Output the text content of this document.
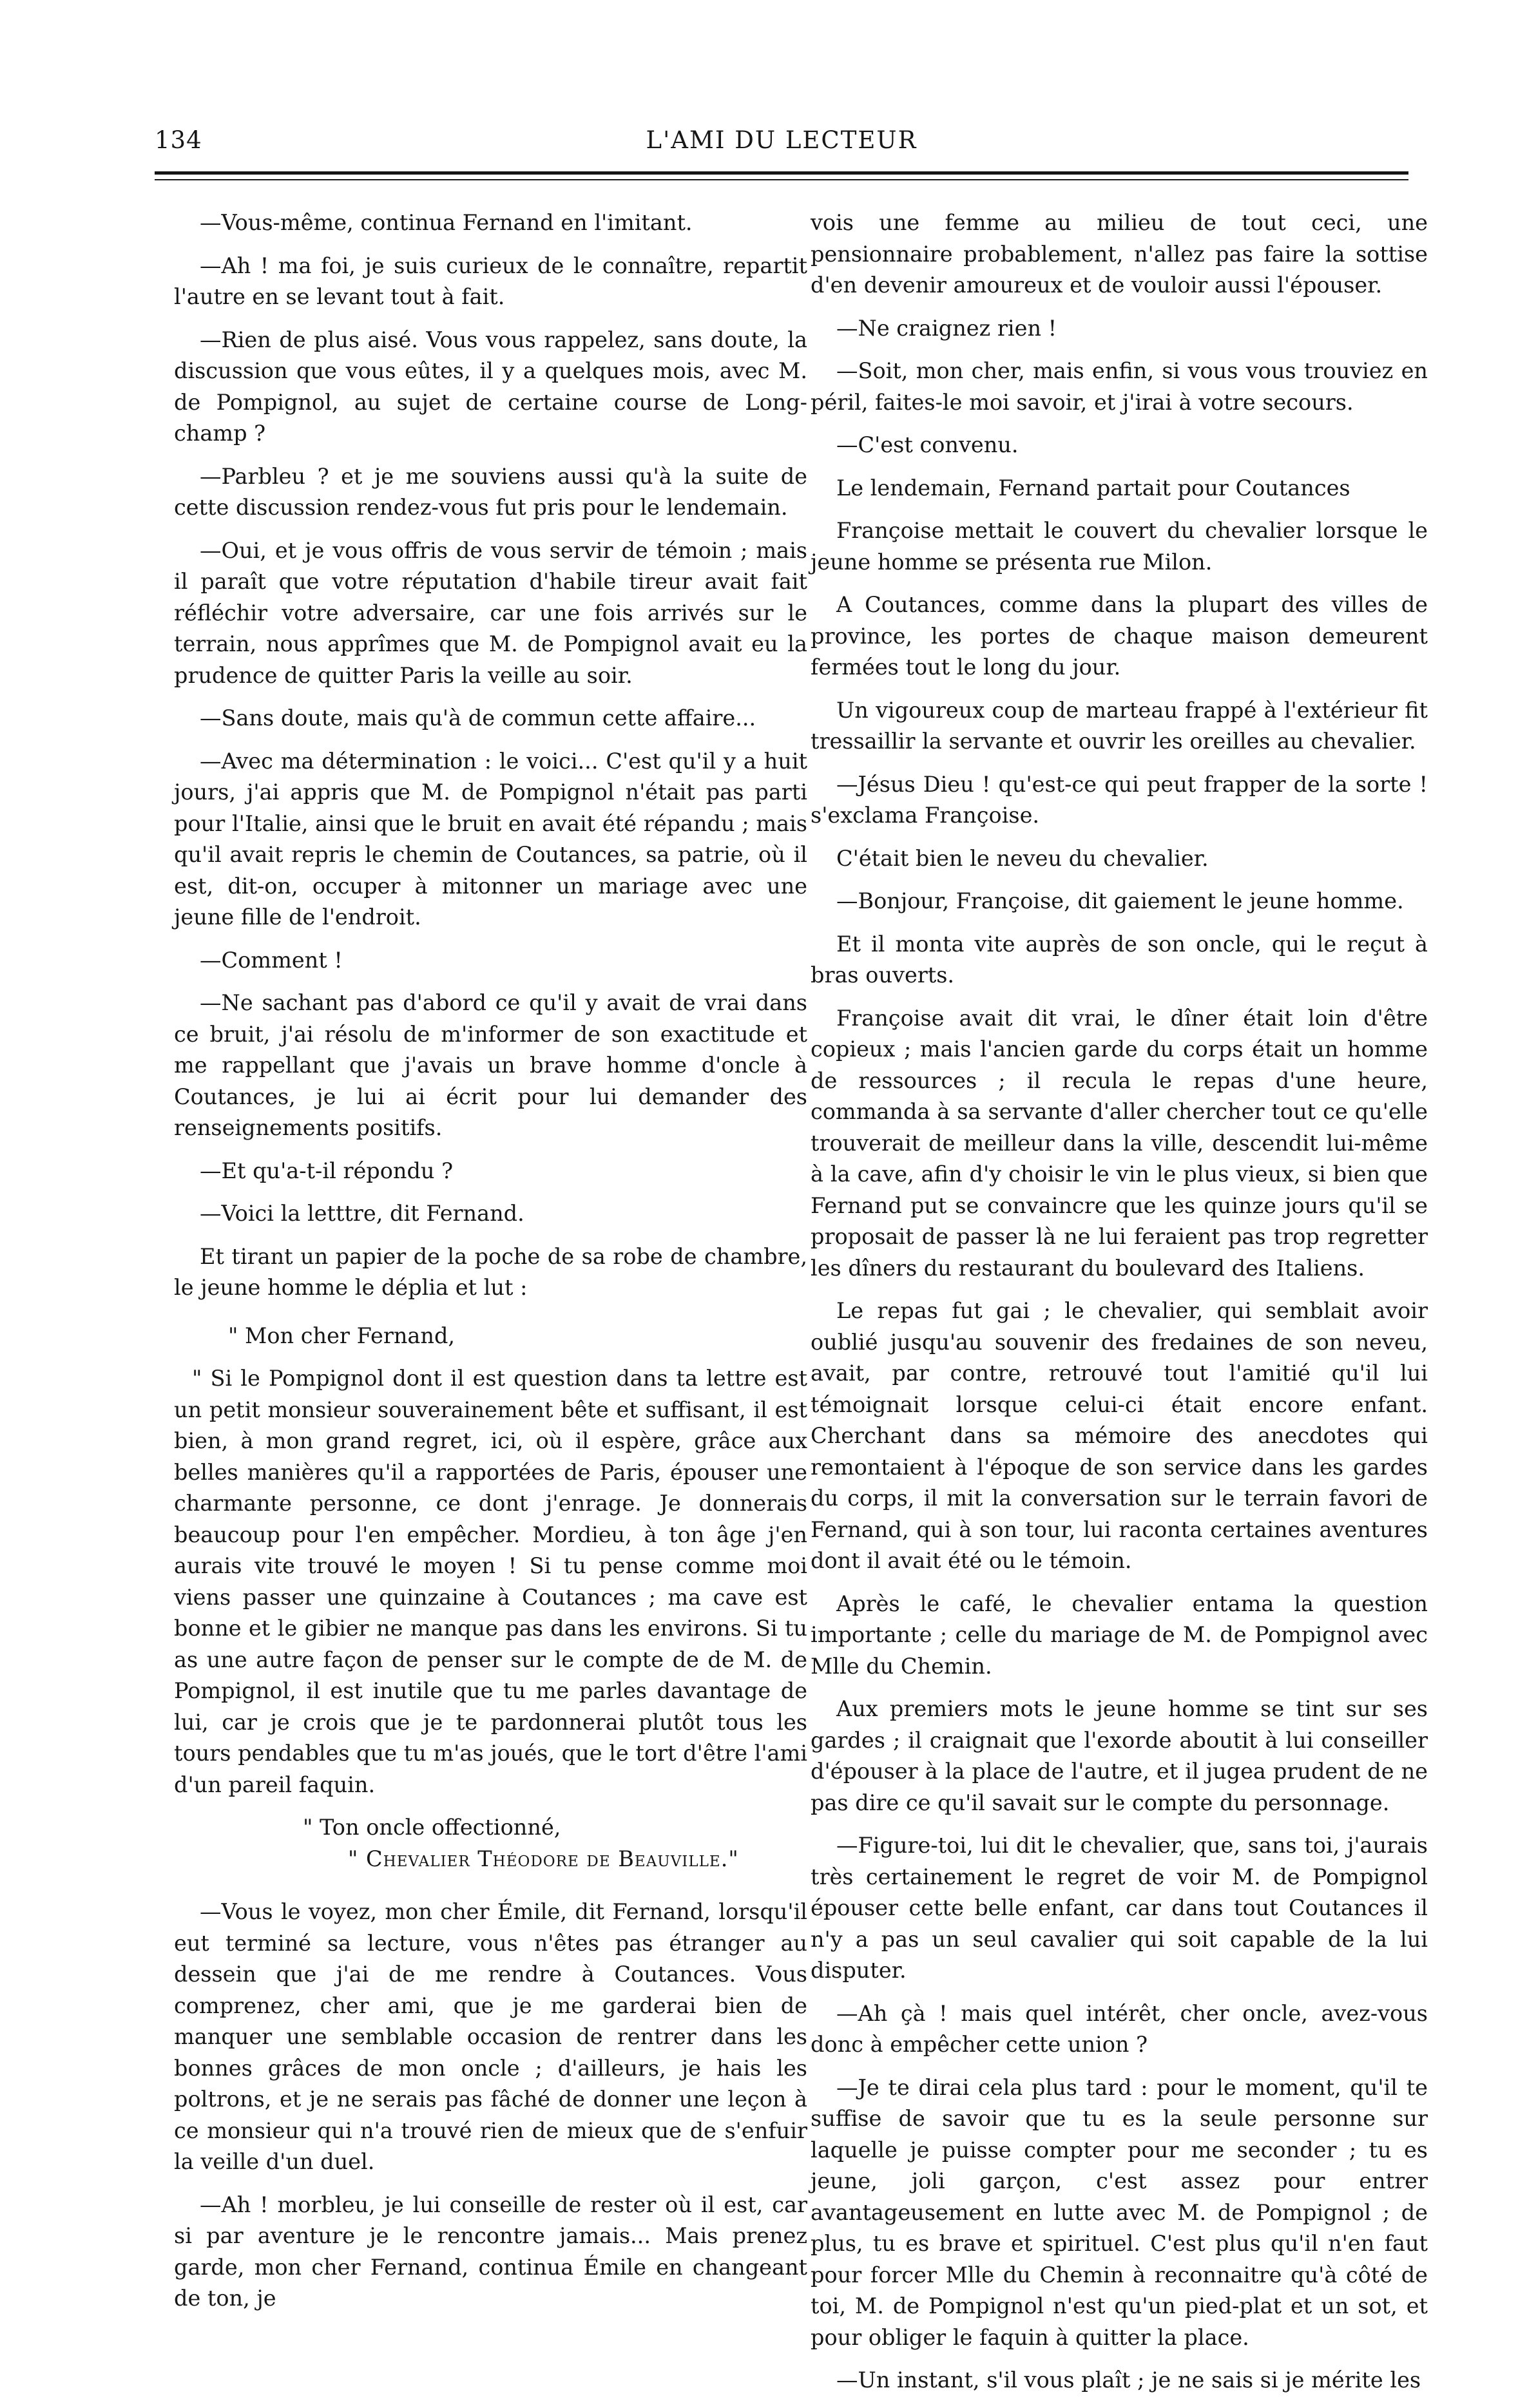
134	L'AMI DU LECTEUR

—Vous-même, continua Fernand en l'imitant.

—Ah ! ma foi, je suis curieux de le connaître, repartit l'autre en se levant tout à fait.

—Rien de plus aisé. Vous vous rappelez, sans doute, la discussion que vous eûtes, il y a quelques mois, avec M. de Pompignol, au sujet de certaine course de Long-champ ?

—Parbleu ? et je me souviens aussi qu'à la suite de cette discussion rendez-vous fut pris pour le lendemain.

—Oui, et je vous offris de vous servir de témoin ; mais il paraît que votre réputation d'habile tireur avait fait réfléchir votre adversaire, car une fois arrivés sur le terrain, nous apprîmes que M. de Pompignol avait eu la prudence de quitter Paris la veille au soir.

—Sans doute, mais qu'à de commun cette affaire...

—Avec ma détermination : le voici... C'est qu'il y a huit jours, j'ai appris que M. de Pompignol n'était pas parti pour l'Italie, ainsi que le bruit en avait été répandu ; mais qu'il avait repris le chemin de Coutances, sa patrie, où il est, dit-on, occuper à mitonner un mariage avec une jeune fille de l'endroit.

—Comment !

—Ne sachant pas d'abord ce qu'il y avait de vrai dans ce bruit, j'ai résolu de m'informer de son exactitude et me rappellant que j'avais un brave homme d'oncle à Coutances, je lui ai écrit pour lui demander des renseignements positifs.

—Et qu'a-t-il répondu ?

—Voici la letttre, dit Fernand.

Et tirant un papier de la poche de sa robe de chambre, le jeune homme le déplia et lut :

" Mon cher Fernand,

" Si le Pompignol dont il est question dans ta lettre est un petit monsieur souverainement bête et suffisant, il est bien, à mon grand regret, ici, où il espère, grâce aux belles manières qu'il a rapportées de Paris, épouser une charmante personne, ce dont j'enrage. Je donnerais beaucoup pour l'en empêcher. Mordieu, à ton âge j'en aurais vite trouvé le moyen ! Si tu pense comme moi viens passer une quinzaine à Coutances ; ma cave est bonne et le gibier ne manque pas dans les environs. Si tu as une autre façon de penser sur le compte de de M. de Pompignol, il est inutile que tu me parles davantage de lui, car je crois que je te pardonnerai plutôt tous les tours pendables que tu m'as joués, que le tort d'être l'ami d'un pareil faquin.

" Ton oncle offectionné,

" Chevalier Théodore de Beauville."

—Vous le voyez, mon cher Émile, dit Fernand, lorsqu'il eut terminé sa lecture, vous n'êtes pas étranger au dessein que j'ai de me rendre à Coutances. Vous comprenez, cher ami, que je me garderai bien de manquer une semblable occasion de rentrer dans les bonnes grâces de mon oncle ; d'ailleurs, je hais les poltrons, et je ne serais pas fâché de donner une leçon à ce monsieur qui n'a trouvé rien de mieux que de s'enfuir la veille d'un duel.

—Ah ! morbleu, je lui conseille de rester où il est, car si par aventure je le rencontre jamais... Mais prenez garde, mon cher Fernand, continua Émile en changeant de ton, je

vois une femme au milieu de tout ceci, une pensionnaire probablement, n'allez pas faire la sottise d'en devenir amoureux et de vouloir aussi l'épouser.

—Ne craignez rien !

—Soit, mon cher, mais enfin, si vous vous trouviez en péril, faites-le moi savoir, et j'irai à votre secours.

—C'est convenu.

Le lendemain, Fernand partait pour Coutances

Françoise mettait le couvert du chevalier lorsque le jeune homme se présenta rue Milon.

A Coutances, comme dans la plupart des villes de province, les portes de chaque maison demeurent fermées tout le long du jour.

Un vigoureux coup de marteau frappé à l'extérieur fit tressaillir la servante et ouvrir les oreilles au chevalier.

—Jésus Dieu ! qu'est-ce qui peut frapper de la sorte ! s'exclama Françoise.

C'était bien le neveu du chevalier.

—Bonjour, Françoise, dit gaiement le jeune homme.

Et il monta vite auprès de son oncle, qui le reçut à bras ouverts.

Françoise avait dit vrai, le dîner était loin d'être copieux ; mais l'ancien garde du corps était un homme de ressources ; il recula le repas d'une heure, commanda à sa servante d'aller chercher tout ce qu'elle trouverait de meilleur dans la ville, descendit lui-même à la cave, afin d'y choisir le vin le plus vieux, si bien que Fernand put se convaincre que les quinze jours qu'il se proposait de passer là ne lui feraient pas trop regretter les dîners du restaurant du boulevard des Italiens.

Le repas fut gai ; le chevalier, qui semblait avoir oublié jusqu'au souvenir des fredaines de son neveu, avait, par contre, retrouvé tout l'amitié qu'il lui témoignait lorsque celui-ci était encore enfant. Cherchant dans sa mémoire des anecdotes qui remontaient à l'époque de son service dans les gardes du corps, il mit la conversation sur le terrain favori de Fernand, qui à son tour, lui raconta certaines aventures dont il avait été ou le témoin.

Après le café, le chevalier entama la question importante ; celle du mariage de M. de Pompignol avec Mlle du Chemin.

Aux premiers mots le jeune homme se tint sur ses gardes ; il craignait que l'exorde aboutit à lui conseiller d'épouser à la place de l'autre, et il jugea prudent de ne pas dire ce qu'il savait sur le compte du personnage.

—Figure-toi, lui dit le chevalier, que, sans toi, j'aurais très certainement le regret de voir M. de Pompignol épouser cette belle enfant, car dans tout Coutances il n'y a pas un seul cavalier qui soit capable de la lui disputer.

—Ah çà ! mais quel intérêt, cher oncle, avez-vous donc à empêcher cette union ?

—Je te dirai cela plus tard : pour le moment, qu'il te suffise de savoir que tu es la seule personne sur laquelle je puisse compter pour me seconder ; tu es jeune, joli garçon, c'est assez pour entrer avantageusement en lutte avec M. de Pompignol ; de plus, tu es brave et spirituel. C'est plus qu'il n'en faut pour forcer Mlle du Chemin à reconnaitre qu'à côté de toi, M. de Pompignol n'est qu'un pied-plat et un sot, et pour obliger le faquin à quitter la place.

—Un instant, s'il vous plaît ; je ne sais si je mérite les
